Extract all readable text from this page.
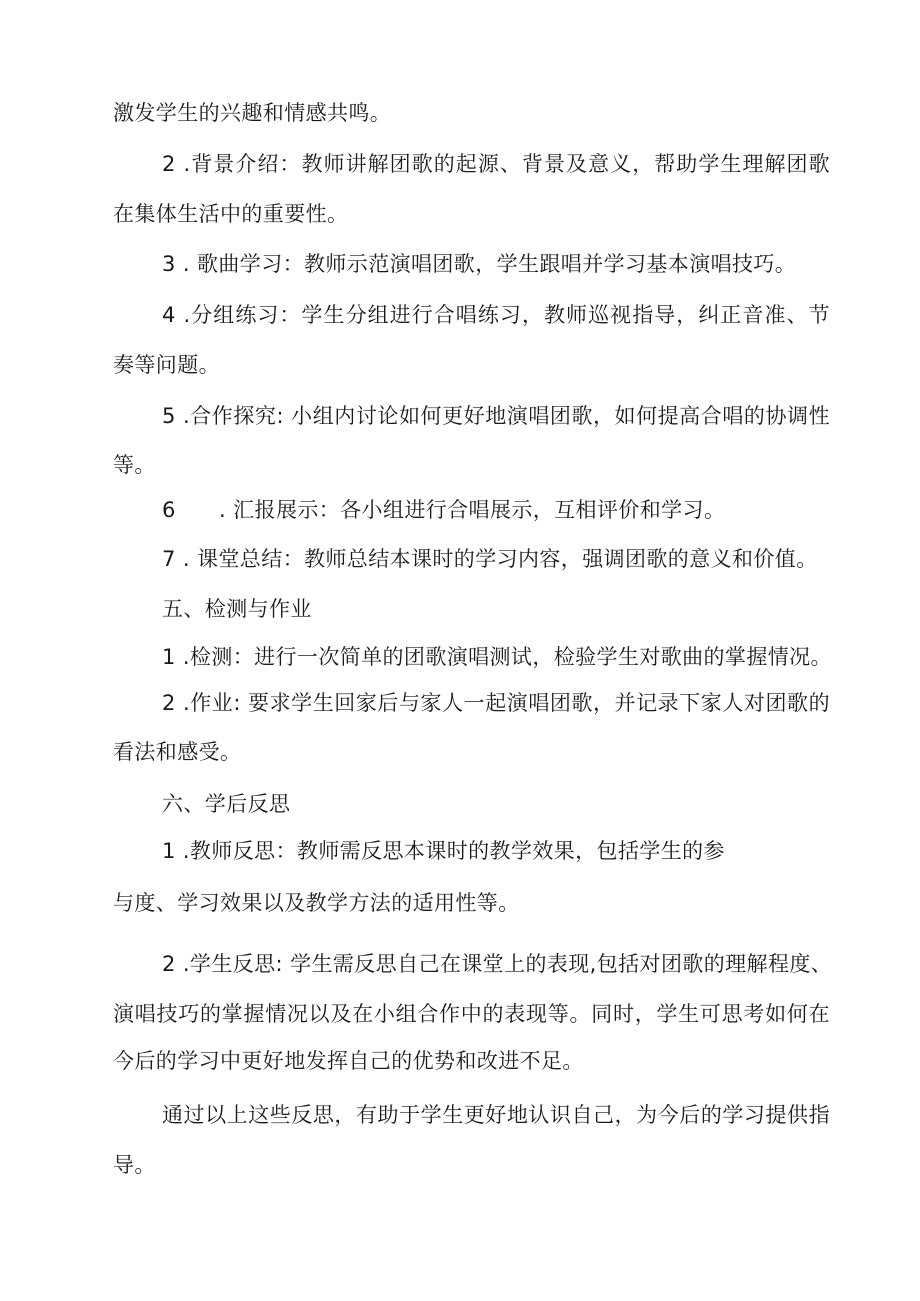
激发学生的兴趣和情感共鸣。
2 .背景介绍：教师讲解团歌的起源、背景及意义，帮助学生理解团歌
在集体生活中的重要性。
3 . 歌曲学习：教师示范演唱团歌，学生跟唱并学习基本演唱技巧。
4 .分组练习：学生分组进行合唱练习，教师巡视指导，纠正音准、节
奏等问题。
5 .合作探究: 小组内讨论如何更好地演唱团歌，如何提高合唱的协调性
等。
6 . 汇报展示：各小组进行合唱展示，互相评价和学习。
7 . 课堂总结：教师总结本课时的学习内容，强调团歌的意义和价值。
五、检测与作业
1 .检测：进行一次简单的团歌演唱测试，检验学生对歌曲的掌握情况。
2 .作业: 要求学生回家后与家人一起演唱团歌，并记录下家人对团歌的
看法和感受。
六、学后反思
1 .教师反思：教师需反思本课时的教学效果，包括学生的参
与度、学习效果以及教学方法的适用性等。
2 .学生反思: 学生需反思自己在课堂上的表现,包括对团歌的理解程度、
演唱技巧的掌握情况以及在小组合作中的表现等。同时，学生可思考如何在
今后的学习中更好地发挥自己的优势和改进不足。
通过以上这些反思，有助于学生更好地认识自己，为今后的学习提供指
导。
